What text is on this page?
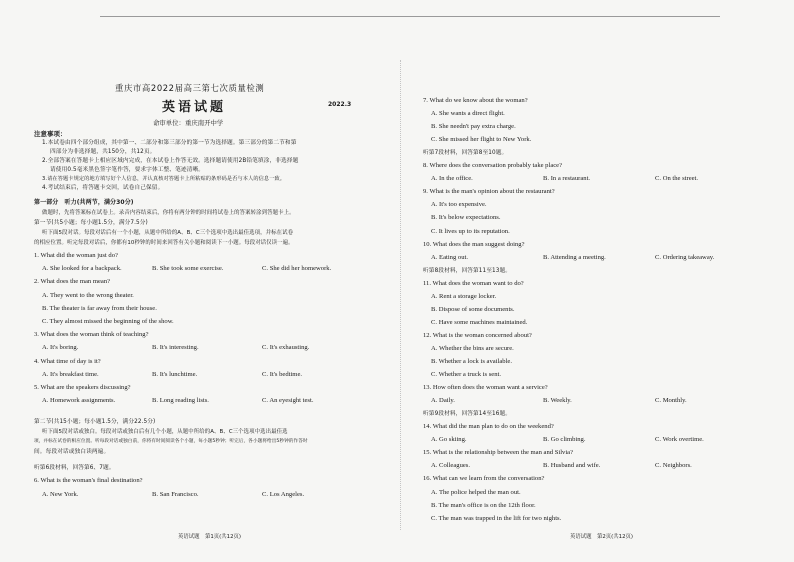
重庆市高2022届高三第七次质量检测
英语试题	2022.3
命审单位：重庆南开中学
注意事项：
1.本试卷由四个部分组成，其中第一、二部分和第三部分的第一节为选择题。第三部分的第二节和第
四部分为非选择题，共150分，共12页。
2.全部答案在答题卡上相应区域内完成，在本试卷上作答无效。选择题请使用2B铅笔填涂，非选择题
请使用0.5毫米黑色签字笔作答，要求字体工整、笔迹清晰。
3.请在答题卡规定的地方填写好个人信息，并认真核对答题卡上所粘贴的条形码是否与本人的信息一致。
4.考试结束后，将答题卡交回，试卷自己保留。
第一部分　听力(共两节，满分30分)
做题时，先将答案标在试卷上。录音内容结束后，你将有两分钟的时间将试卷上的答案转涂到答题卡上。
第一节(共5小题；每小题1.5分，满分7.5分)
听下面5段对话。每段对话后有一个小题，从题中所给的A、B、C三个选项中选出最佳选项，并标在试卷
的相应位置。听完每段对话后，你都有10秒钟的时间来回答有关小题和阅读下一小题。每段对话仅读一遍。
1. What did the woman just do?
A. She looked for a backpack.	B. She took some exercise.	C. She did her homework.
2. What does the man mean?
A. They went to the wrong theater.
B. The theater is far away from their house.
C. They almost missed the beginning of the show.
3. What does the woman think of teaching?
A. It's boring.	B. It's interesting.	C. It's exhausting.
4. What time of day is it?
A. It's breakfast time.	B. It's lunchtime.	C. It's bedtime.
5. What are the speakers discussing?
A. Homework assignments.	B. Long reading lists.	C. An eyesight test.
6. What is the woman's final destination?
A. New York.	B. San Francisco.	C. Los Angeles.
第二节(共15小题；每小题1.5分，满分22.5分)
听下面5段对话或独白。每段对话或独白后有几个小题，从题中所给的A、B、C三个选项中选出最佳选
项，并标在试卷的相应位置。听每段对话或独白前，你将有时间阅读各个小题，每小题5秒钟；听完后，各小题将给出5秒钟的作答时
间。每段对话或独白读两遍。
听第6段材料，回答第6、7题。
7. What do we know about the woman?
A. She wants a direct flight.
B. She needn't pay extra charge.
C. She missed her flight to New York.
听第7段材料，回答第8至10题。
8. Where does the conversation probably take place?
A. In the office.	B. In a restaurant.	C. On the street.
9. What is the man's opinion about the restaurant?
A. It's too expensive.
B. It's below expectations.
C. It lives up to its reputation.
10. What does the man suggest doing?
A. Eating out.	B. Attending a meeting.	C. Ordering takeaway.
听第8段材料，回答第11至13题。
11. What does the woman want to do?
A. Rent a storage locker.
B. Dispose of some documents.
C. Have some machines maintained.
12. What is the woman concerned about?
A. Whether the bins are secure.
B. Whether a lock is available.
C. Whether a truck is sent.
13. How often does the woman want a service?
A. Daily.	B. Weekly.	C. Monthly.
听第9段材料，回答第14至16题。
14. What did the man plan to do on the weekend?
A. Go skiing.	B. Go climbing.	C. Work overtime.
15. What is the relationship between the man and Silvia?
A. Colleagues.	B. Husband and wife.	C. Neighbors.
16. What can we learn from the conversation?
A. The police helped the man out.
B. The man's office is on the 12th floor.
C. The man was trapped in the lift for two nights.
英语试题　第1页(共12页)	英语试题　第2页(共12页)
